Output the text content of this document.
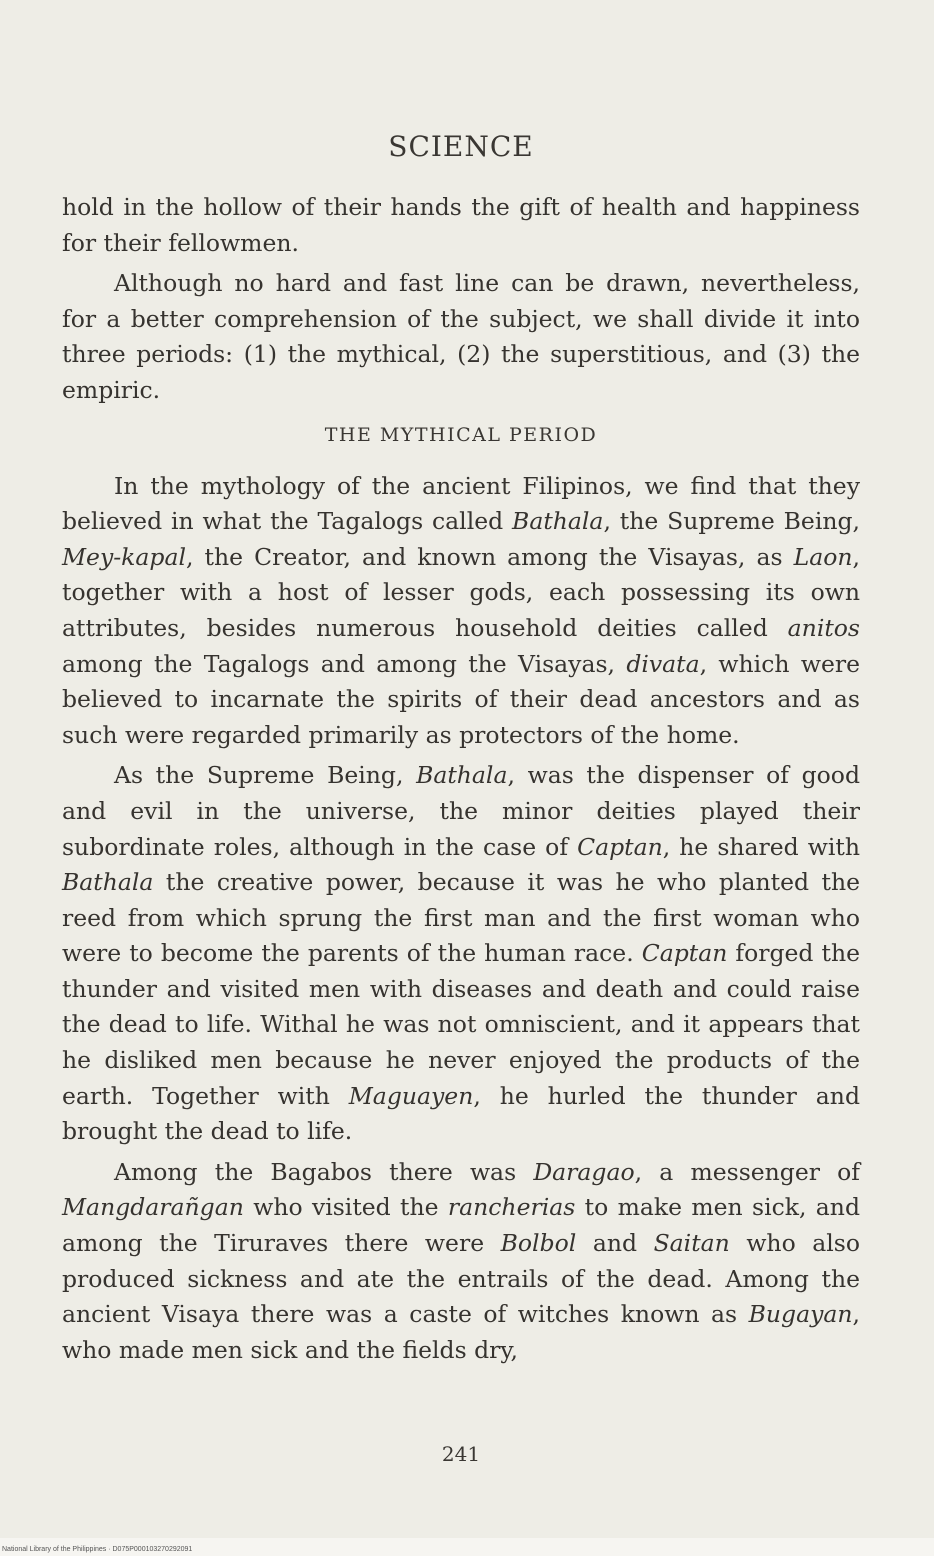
SCIENCE

hold in the hollow of their hands the gift of health and happiness for their fellowmen.

Although no hard and fast line can be drawn, nevertheless, for a better comprehension of the subject, we shall divide it into three periods: (1) the mythical, (2) the superstitious, and (3) the empiric.

THE MYTHICAL PERIOD

In the mythology of the ancient Filipinos, we find that they believed in what the Tagalogs called Bathala, the Supreme Being, Mey-kapal, the Creator, and known among the Visayas, as Laon, together with a host of lesser gods, each possessing its own attributes, besides numerous household deities called anitos among the Tagalogs and among the Visayas, divata, which were believed to incarnate the spirits of their dead ancestors and as such were regarded primarily as protectors of the home.

As the Supreme Being, Bathala, was the dispenser of good and evil in the universe, the minor deities played their subordinate roles, although in the case of Captan, he shared with Bathala the creative power, because it was he who planted the reed from which sprung the first man and the first woman who were to become the parents of the human race. Captan forged the thunder and visited men with diseases and death and could raise the dead to life. Withal he was not omniscient, and it appears that he disliked men because he never enjoyed the products of the earth. Together with Maguayen, he hurled the thunder and brought the dead to life.

Among the Bagabos there was Daragao, a messenger of Mangdarañgan who visited the rancherias to make men sick, and among the Tiruraves there were Bolbol and Saitan who also produced sickness and ate the entrails of the dead. Among the ancient Visaya there was a caste of witches known as Bugayan, who made men sick and the fields dry,

241
National Library of the Philippines · D075P000103270292091
